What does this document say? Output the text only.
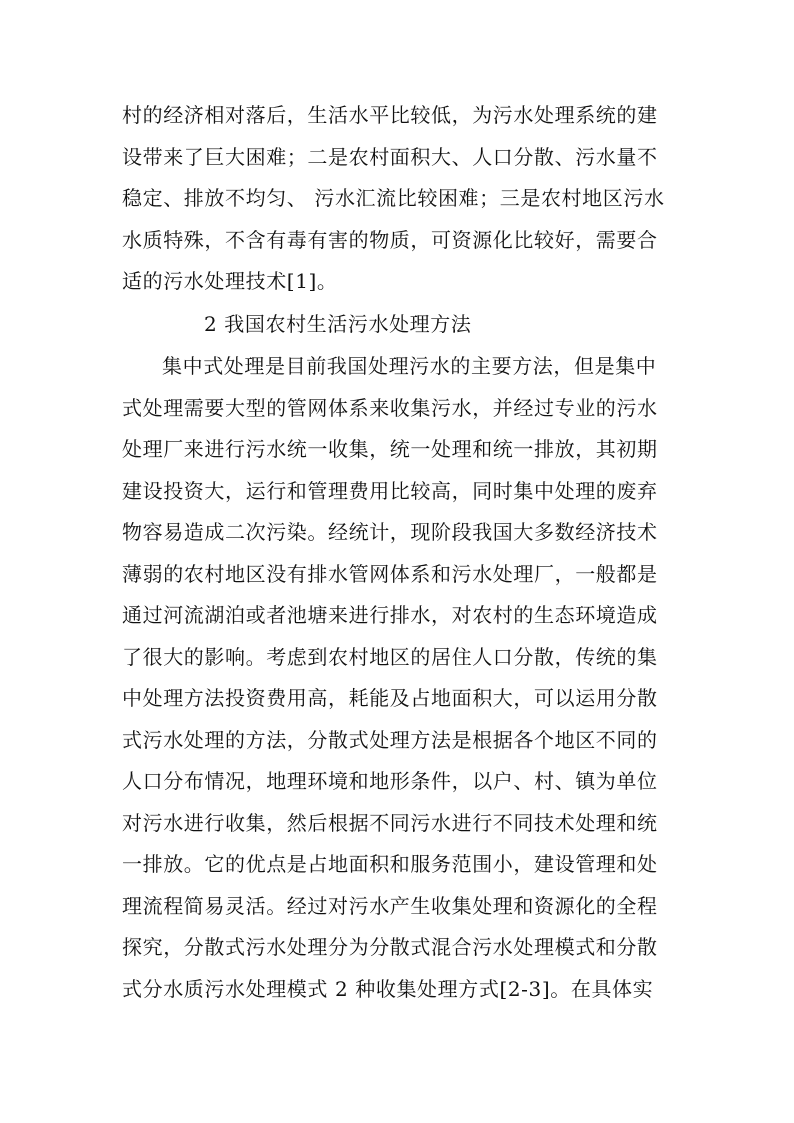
村的经济相对落后，生活水平比较低，为污水处理系统的建
设带来了巨大困难；二是农村面积大、人口分散、污水量不
稳定、排放不均匀、 污水汇流比较困难；三是农村地区污水
水质特殊，不含有毒有害的物质，可资源化比较好，需要合
适的污水处理技术[1]。
2 我国农村生活污水处理方法
集中式处理是目前我国处理污水的主要方法，但是集中
式处理需要大型的管网体系来收集污水，并经过专业的污水
处理厂来进行污水统一收集，统一处理和统一排放，其初期
建设投资大，运行和管理费用比较高，同时集中处理的废弃
物容易造成二次污染。经统计，现阶段我国大多数经济技术
薄弱的农村地区没有排水管网体系和污水处理厂，一般都是
通过河流湖泊或者池塘来进行排水，对农村的生态环境造成
了很大的影响。考虑到农村地区的居住人口分散，传统的集
中处理方法投资费用高，耗能及占地面积大，可以运用分散
式污水处理的方法，分散式处理方法是根据各个地区不同的
人口分布情况，地理环境和地形条件，以户、村、镇为单位
对污水进行收集，然后根据不同污水进行不同技术处理和统
一排放。它的优点是占地面积和服务范围小，建设管理和处
理流程简易灵活。经过对污水产生收集处理和资源化的全程
探究，分散式污水处理分为分散式混合污水处理模式和分散
式分水质污水处理模式 2 种收集处理方式[2-3]。在具体实
